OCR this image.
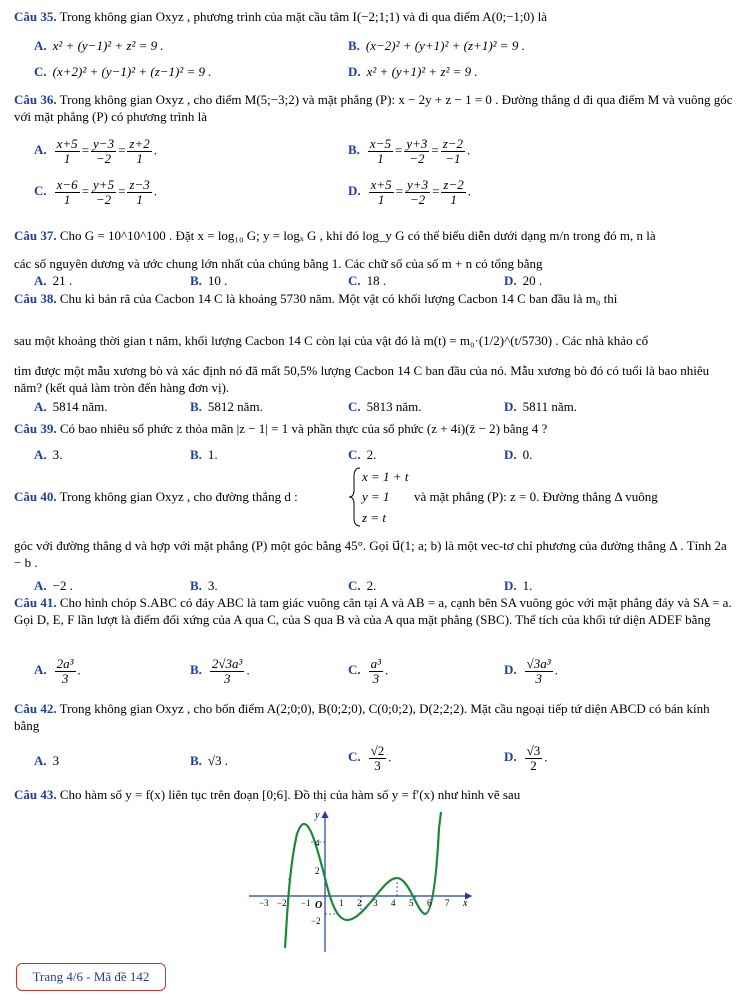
Câu 35. Trong không gian Oxyz , phương trình của mặt cầu tâm I(−2;1;1) và đi qua điểm A(0;−1;0) là
A. x² + (y−1)² + z² = 9 .	B. (x−2)² + (y+1)² + (z+1)² = 9 .
C. (x+2)² + (y−1)² + (z−1)² = 9 .	D. x² + (y+1)² + z² = 9 .
Câu 36. Trong không gian Oxyz , cho điểm M(5;−3;2) và mặt phẳng (P): x − 2y + z − 1 = 0 . Đường thẳng d đi qua điểm M và vuông góc với mặt phẳng (P) có phương trình là
A. $\frac{x+5}{1} = \frac{y-3}{-2} = \frac{z+2}{1}$ .	B. $\frac{x-5}{1} = \frac{y+3}{-2} = \frac{z-2}{-1}$ .
C. $\frac{x-6}{1} = \frac{y+5}{-2} = \frac{z-3}{1}$ .	D. $\frac{x+5}{1} = \frac{y+3}{-2} = \frac{z-2}{1}$ .
Câu 37. Cho G = 10^10^100 . Đặt x = log₁₀ G; y = logₓ G , khi đó log_y G có thể biểu diễn dưới dạng m/n trong đó m, n là
các số nguyên dương và ước chung lớn nhất của chúng bằng 1. Các chữ số của số m + n có tổng bằng
A. 21 .	B. 10 .	C. 18 .	D. 20 .
Câu 38. Chu kì bán rã của Cacbon 14 C là khoảng 5730 năm. Một vật có khối lượng Cacbon 14 C ban đầu là m₀ thì
sau một khoảng thời gian t năm, khối lượng Cacbon 14 C còn lại của vật đó là m(t) = m₀·(1/2)^(t/5730) . Các nhà khảo cổ
tìm được một mẫu xương bò và xác định nó đã mất 50,5% lượng Cacbon 14 C ban đầu của nó. Mẫu xương bò đó có tuổi là bao nhiêu năm? (kết quả làm tròn đến hàng đơn vị).
A. 5814 năm.	B. 5812 năm.	C. 5813 năm.	D. 5811 năm.
Câu 39. Có bao nhiêu số phức z thỏa mãn |z − 1| = 1 và phần thực của số phức (z + 4i)(z̄ − 2) bằng 4 ?
A. 3.	B. 1.	C. 2.	D. 0.
Câu 40. Trong không gian Oxyz , cho đường thẳng d :
x = 1 + t
y = 1
z = t
và mặt phẳng (P): z = 0. Đường thẳng Δ vuông
góc với đường thẳng d và hợp với mặt phẳng (P) một góc bằng 45°. Gọi u⃗(1; a; b) là một vec-tơ chỉ phương của đường thẳng Δ . Tính 2a − b .
A. −2 .	B. 3.	C. 2.	D. 1.
Câu 41. Cho hình chóp S.ABC có đáy ABC là tam giác vuông cân tại A và AB = a, cạnh bên SA vuông góc với mặt phẳng đáy và SA = a. Gọi D, E, F lần lượt là điểm đối xứng của A qua C, của S qua B và của A qua mặt phẳng (SBC). Thể tích của khối tứ diện ADEF bằng
A. $\frac{\text{2a³}}{3}$ .	B. $\frac{\text{2√3a³}}{3}$ .	C. $\frac{\text{a³}}{3}$ .	D. $\frac{\text{√3a³}}{3}$ .
Câu 42. Trong không gian Oxyz , cho bốn điểm A(2;0;0), B(0;2;0), C(0;0;2), D(2;2;2). Mặt cầu ngoại tiếp tứ diện ABCD có bán kính bằng
A. 3	B. √3 .	C. $\frac{√2}{3}$ .	D. $\frac{√3}{2}$ .
Câu 43. Cho hàm số y = f(x) liên tục trên đoạn [0;6]. Đồ thị của hàm số y = f′(x) như hình vẽ sau
y
x
O
4
2
−2
−3 −2 −1	1 2 3 4 5 6 7
Trang 4/6 - Mã đề 142
